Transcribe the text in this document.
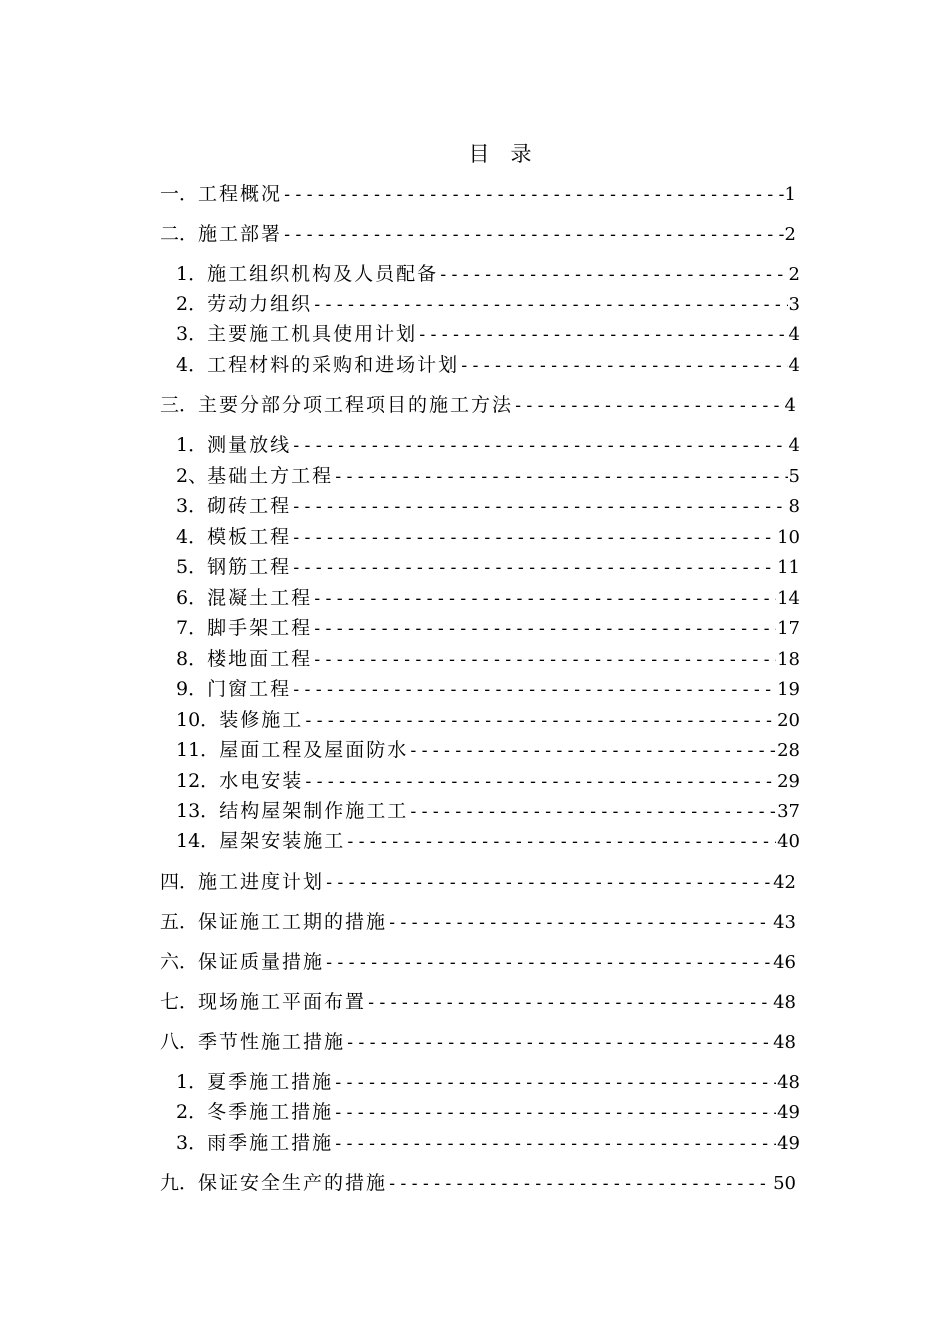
目　录
一． 工程概况 -----	1
二． 施工部署 -----	2
1． 施工组织机构及人员配备 -----	2
2． 劳动力组织 -----	3
3． 主要施工机具使用计划 -----	4
4． 工程材料的采购和进场计划 -----	4
三． 主要分部分项工程项目的施工方法 -----	4
1． 测量放线 -----	4
2、 基础土方工程 -----	5
3． 砌砖工程 -----	8
4． 模板工程 -----	10
5． 钢筋工程 -----	11
6． 混凝土工程 -----	14
7． 脚手架工程 -----	17
8． 楼地面工程 -----	18
9． 门窗工程 -----	19
10． 装修施工 -----	20
11． 屋面工程及屋面防水 -----	28
12． 水电安装 -----	29
13． 结构屋架制作施工工 -----	37
14． 屋架安装施工 -----	40
四． 施工进度计划 -----	42
五． 保证施工工期的措施 -----	43
六． 保证质量措施 -----	46
七． 现场施工平面布置 -----	48
八． 季节性施工措施 -----	48
1． 夏季施工措施 -----	48
2． 冬季施工措施 -----	49
3． 雨季施工措施 -----	49
九． 保证安全生产的措施 -----	50
